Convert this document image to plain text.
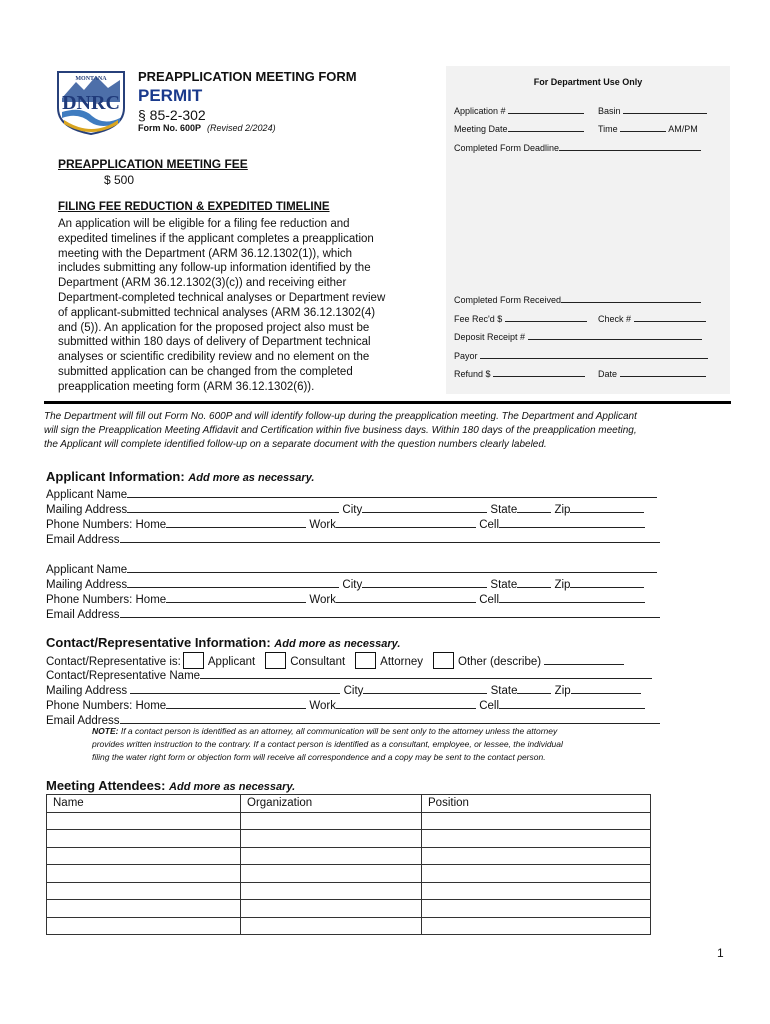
MONTANA
DNRC
PREAPPLICATION MEETING FORM
PERMIT
§ 85-2-302
Form No. 600P (Revised 2/2024)
For Department Use Only
Application #	Basin
Meeting Date	Time	AM/PM
Completed Form Deadline
Completed Form Received
Fee Rec'd $	Check #
Deposit Receipt #
Payor
Refund $	Date
PREAPPLICATION MEETING FEE
$ 500
FILING FEE REDUCTION & EXPEDITED TIMELINE
An application will be eligible for a filing fee reduction and
expedited timelines if the applicant completes a preapplication
meeting with the Department (ARM 36.12.1302(1)), which
includes submitting any follow-up information identified by the
Department (ARM 36.12.1302(3)(c)) and receiving either
Department-completed technical analyses or Department review
of applicant-submitted technical analyses (ARM 36.12.1302(4)
and (5)). An application for the proposed project also must be
submitted within 180 days of delivery of Department technical
analyses or scientific credibility review and no element on the
submitted application can be changed from the completed
preapplication meeting form (ARM 36.12.1302(6)).
The Department will fill out Form No. 600P and will identify follow-up during the preapplication meeting. The Department and Applicant
will sign the Preapplication Meeting Affidavit and Certification within five business days. Within 180 days of the preapplication meeting,
the Applicant will complete identified follow-up on a separate document with the question numbers clearly labeled.
Applicant Information: Add more as necessary.
Applicant Name
Mailing Address	City	State	Zip
Phone Numbers: Home	Work	Cell
Email Address
Applicant Name
Mailing Address	City	State	Zip
Phone Numbers: Home	Work	Cell
Email Address
Contact/Representative Information: Add more as necessary.
Contact/Representative is: Applicant	Consultant	Attorney	Other (describe)
Contact/Representative Name
Mailing Address	City	State	Zip
Phone Numbers: Home	Work	Cell
Email Address
NOTE: If a contact person is identified as an attorney, all communication will be sent only to the attorney unless the attorney
provides written instruction to the contrary. If a contact person is identified as a consultant, employee, or lessee, the individual
filing the water right form or objection form will receive all correspondence and a copy may be sent to the contact person.
Meeting Attendees: Add more as necessary.
Name	Organization	Position

1
